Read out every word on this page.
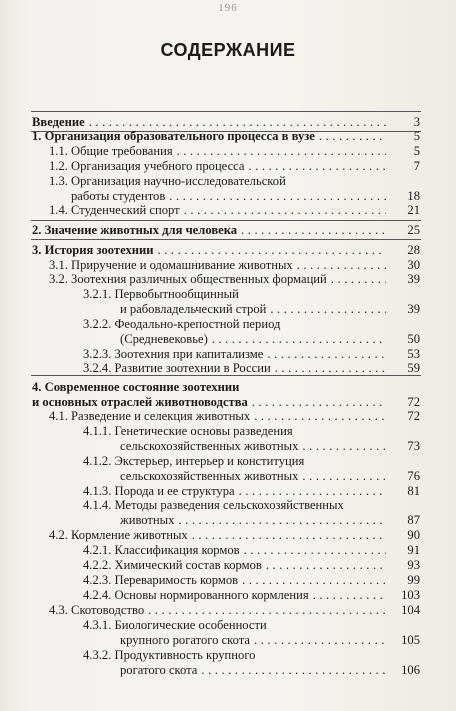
196
СОДЕРЖАНИЕ
Введение . . .	3
1. Организация образовательного процесса в вузе . . .	5
1.1. Общие требования . . .	5
1.2. Организация учебного процесса . . .	7
1.3. Организация научно-исследовательской
работы студентов . . .	18
1.4. Студенческий спорт . . .	21
2. Значение животных для человека . . .	25
3. История зоотехнии . . .	28
3.1. Приручение и одомашнивание животных . . .	30
3.2. Зоотехния различных общественных формаций . . .	39
3.2.1. Первобытнообщинный
и рабовладельческий строй . . .	39
3.2.2. Феодально-крепостной период
(Средневековье) . . .	50
3.2.3. Зоотехния при капитализме . . .	53
3.2.4. Развитие зоотехнии в России . . .	59
4. Современное состояние зоотехнии
и основных отраслей животноводства . . .	72
4.1. Разведение и селекция животных . . .	72
4.1.1. Генетические основы разведения
сельскохозяйственных животных . . .	73
4.1.2. Экстерьер, интерьер и конституция
сельскохозяйственных животных . . .	76
4.1.3. Порода и ее структура . . .	81
4.1.4. Методы разведения сельскохозяйственных
животных . . .	87
4.2. Кормление животных . . .	90
4.2.1. Классификация кормов . . .	91
4.2.2. Химический состав кормов . . .	93
4.2.3. Переваримость кормов . . .	99
4.2.4. Основы нормированного кормления . . .	103
4.3. Скотоводство . . .	104
4.3.1. Биологические особенности
крупного рогатого скота . . .	105
4.3.2. Продуктивность крупного
рогатого скота . . .	106
